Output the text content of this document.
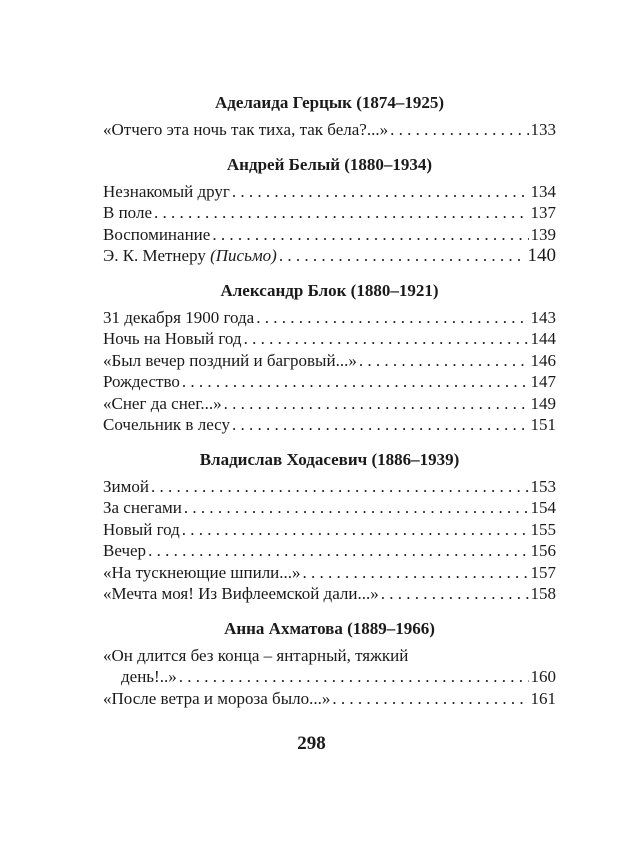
Аделаида Герцык (1874–1925)

«Отчего эта ночь так тиха, так бела?...» . . .	133

Андрей Белый (1880–1934)

Незнакомый друг . . .	134
В поле . . .	137
Воспоминание . . .	139
Э. К. Метнеру (Письмо) . . .	140

Александр Блок (1880–1921)

31 декабря 1900 года . . .	143
Ночь на Новый год . . .	144
«Был вечер поздний и багровый...» . . .	146
Рождество . . .	147
«Снег да снег...» . . .	149
Сочельник в лесу . . .	151

Владислав Ходасевич (1886–1939)

Зимой . . .	153
За снегами . . .	154
Новый год . . .	155
Вечер . . .	156
«На тускнеющие шпили...» . . .	157
«Мечта моя! Из Вифлеемской дали...» . . .	158

Анна Ахматова (1889–1966)

«Он длится без конца – янтарный, тяжкий
день!..» . . .	160
«После ветра и мороза было...» . . .	161
298
